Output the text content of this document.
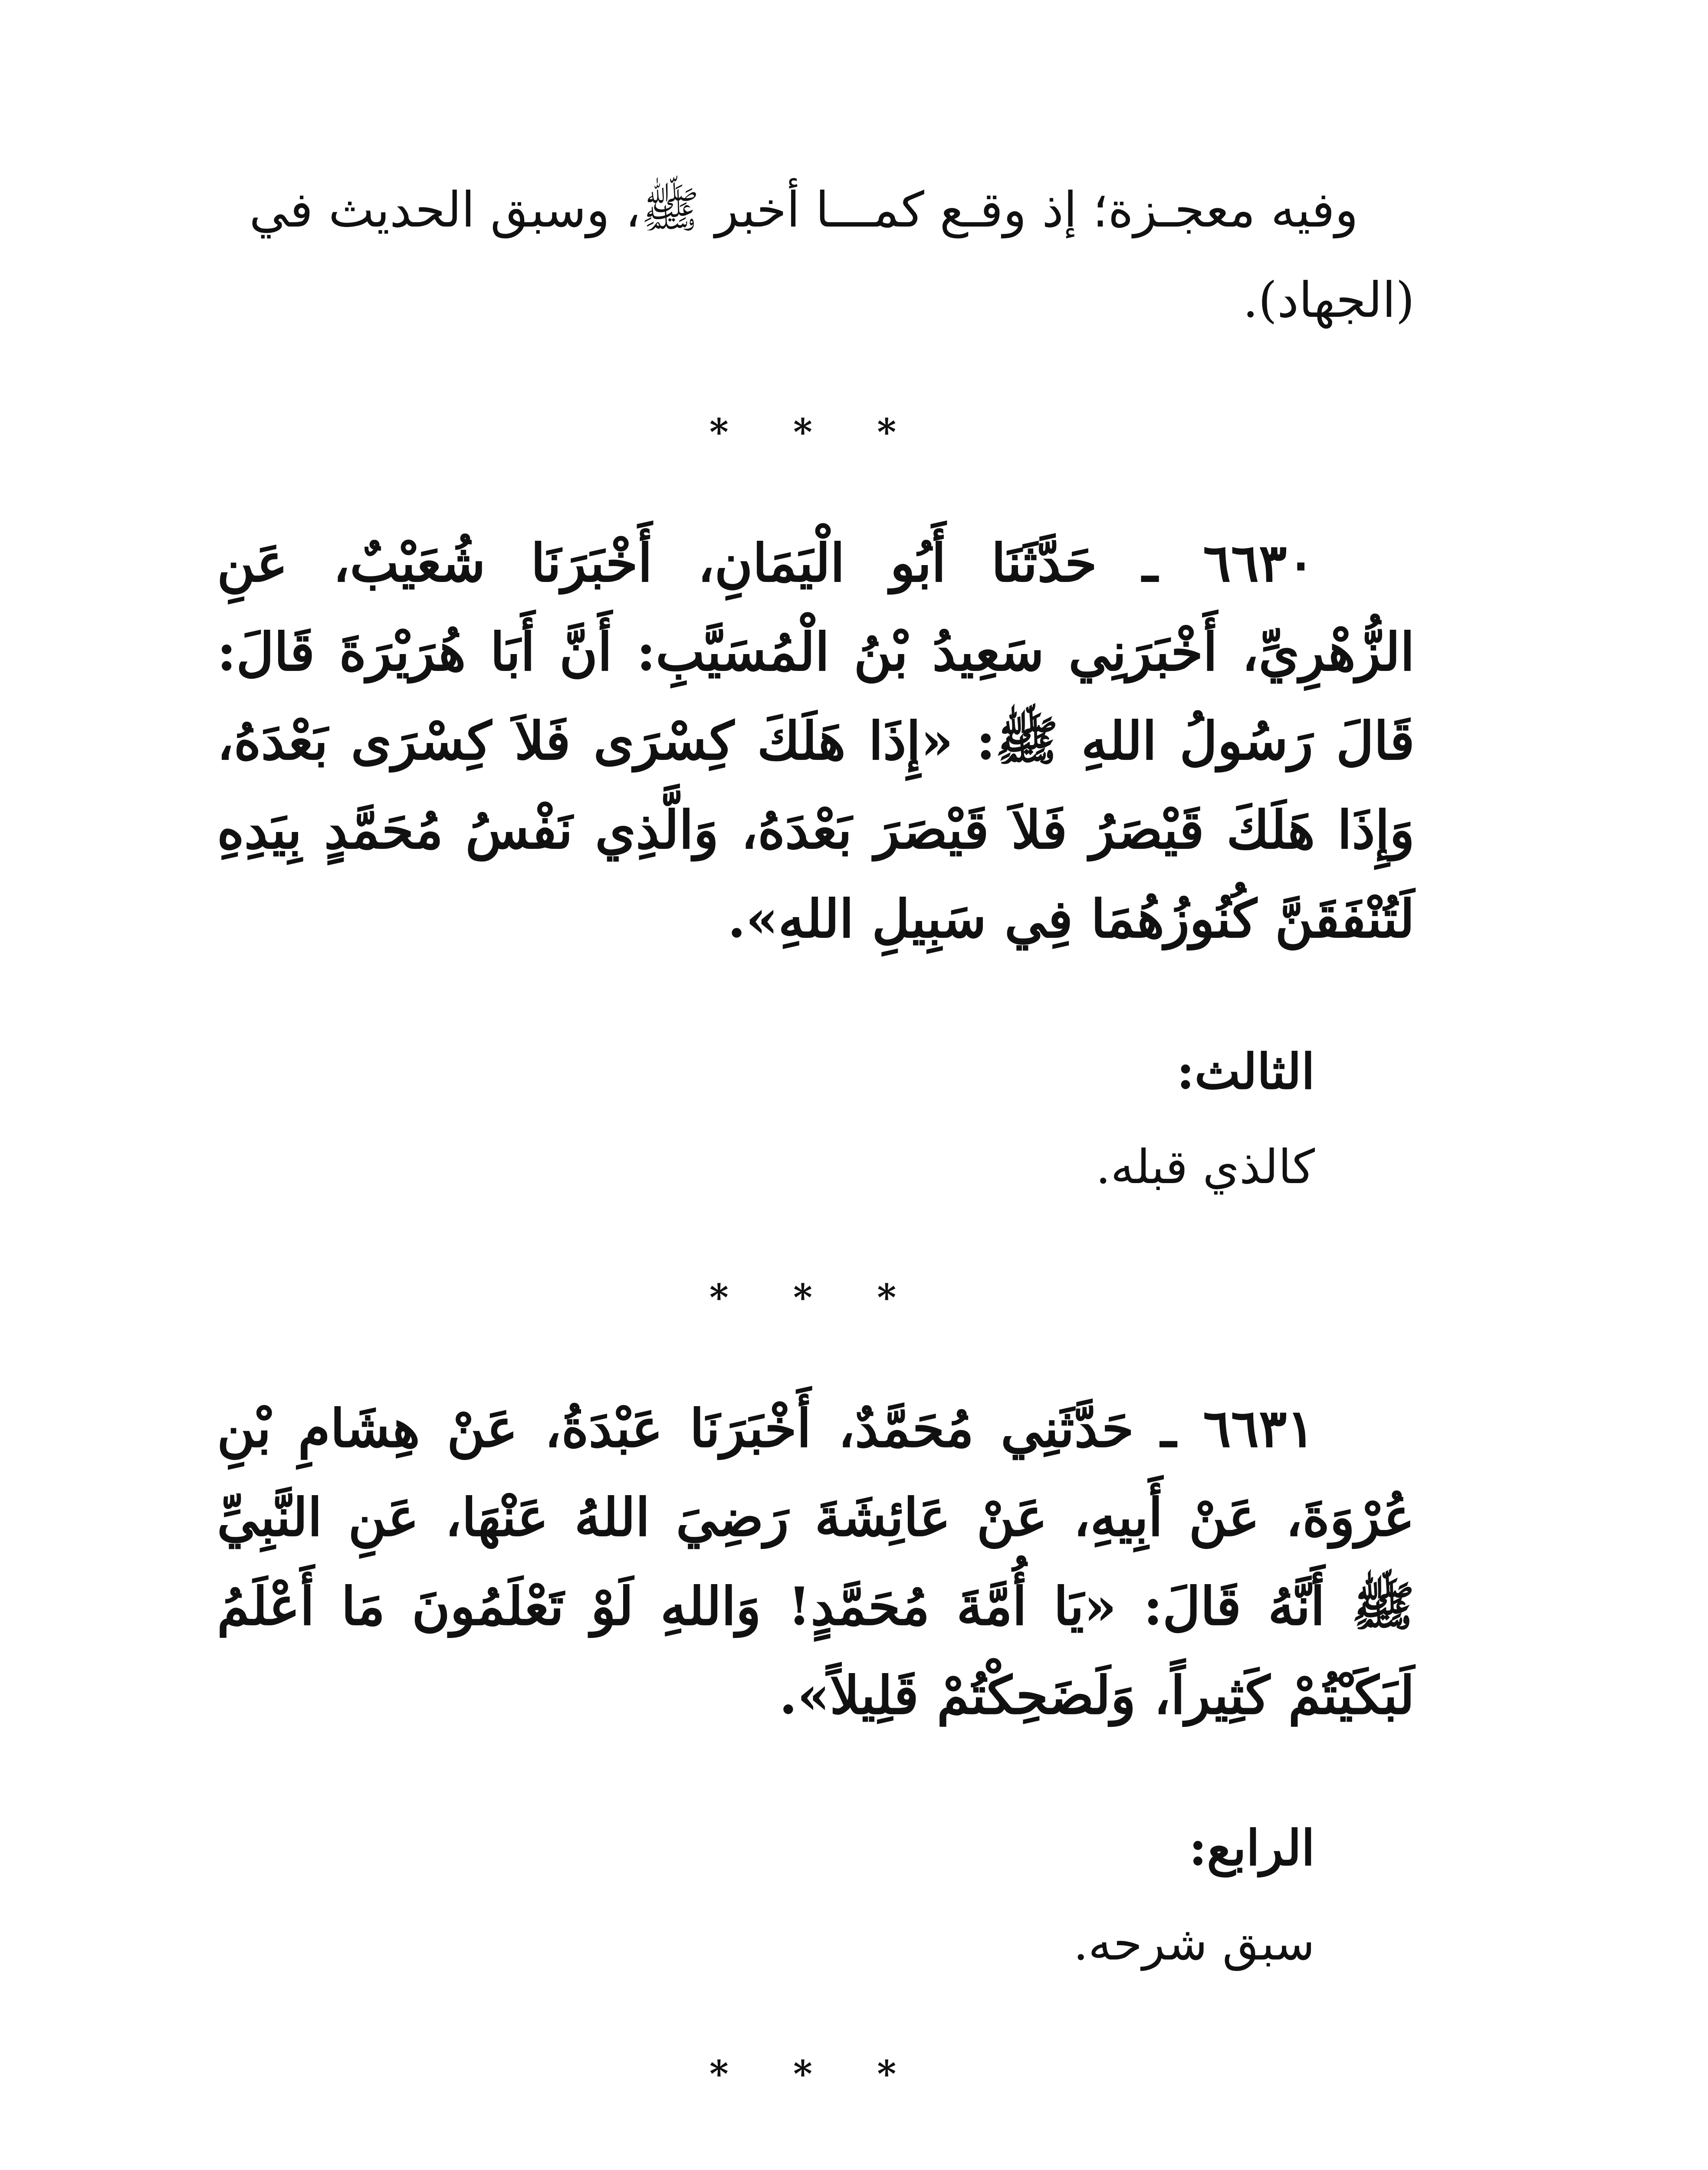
وفيه معجـزة؛ إذ وقـع كمـــا أخبر ﷺ، وسبق الحديث في

(الجهاد).

* * *

٦٦٣٠ ـ حَدَّثَنَا أَبُو الْيَمَانِ، أَخْبَرَنَا شُعَيْبٌ، عَنِ الزُّهْرِيِّ، أَخْبَرَنِي سَعِيدُ بْنُ الْمُسَيَّبِ: أَنَّ أَبَا هُرَيْرَةَ قَالَ: قَالَ رَسُولُ اللهِ ﷺ: «إِذَا هَلَكَ كِسْرَى فَلاَ كِسْرَى بَعْدَهُ، وَإِذَا هَلَكَ قَيْصَرُ فَلاَ قَيْصَرَ بَعْدَهُ، وَالَّذِي نَفْسُ مُحَمَّدٍ بِيَدِهِ لَتُنْفَقَنَّ كُنُوزُهُمَا فِي سَبِيلِ اللهِ».

الثالث:

كالذي قبله.

* * *

٦٦٣١ ـ حَدَّثَنِي مُحَمَّدٌ، أَخْبَرَنَا عَبْدَةُ، عَنْ هِشَامِ بْنِ عُرْوَةَ، عَنْ أَبِيهِ، عَنْ عَائِشَةَ رَضِيَ اللهُ عَنْهَا، عَنِ النَّبِيِّ ﷺ أَنَّهُ قَالَ: «يَا أُمَّةَ مُحَمَّدٍ! وَاللهِ لَوْ تَعْلَمُونَ مَا أَعْلَمُ لَبَكَيْتُمْ كَثِيراً، وَلَضَحِكْتُمْ قَلِيلاً».

الرابع:

سبق شرحه.

* * *
